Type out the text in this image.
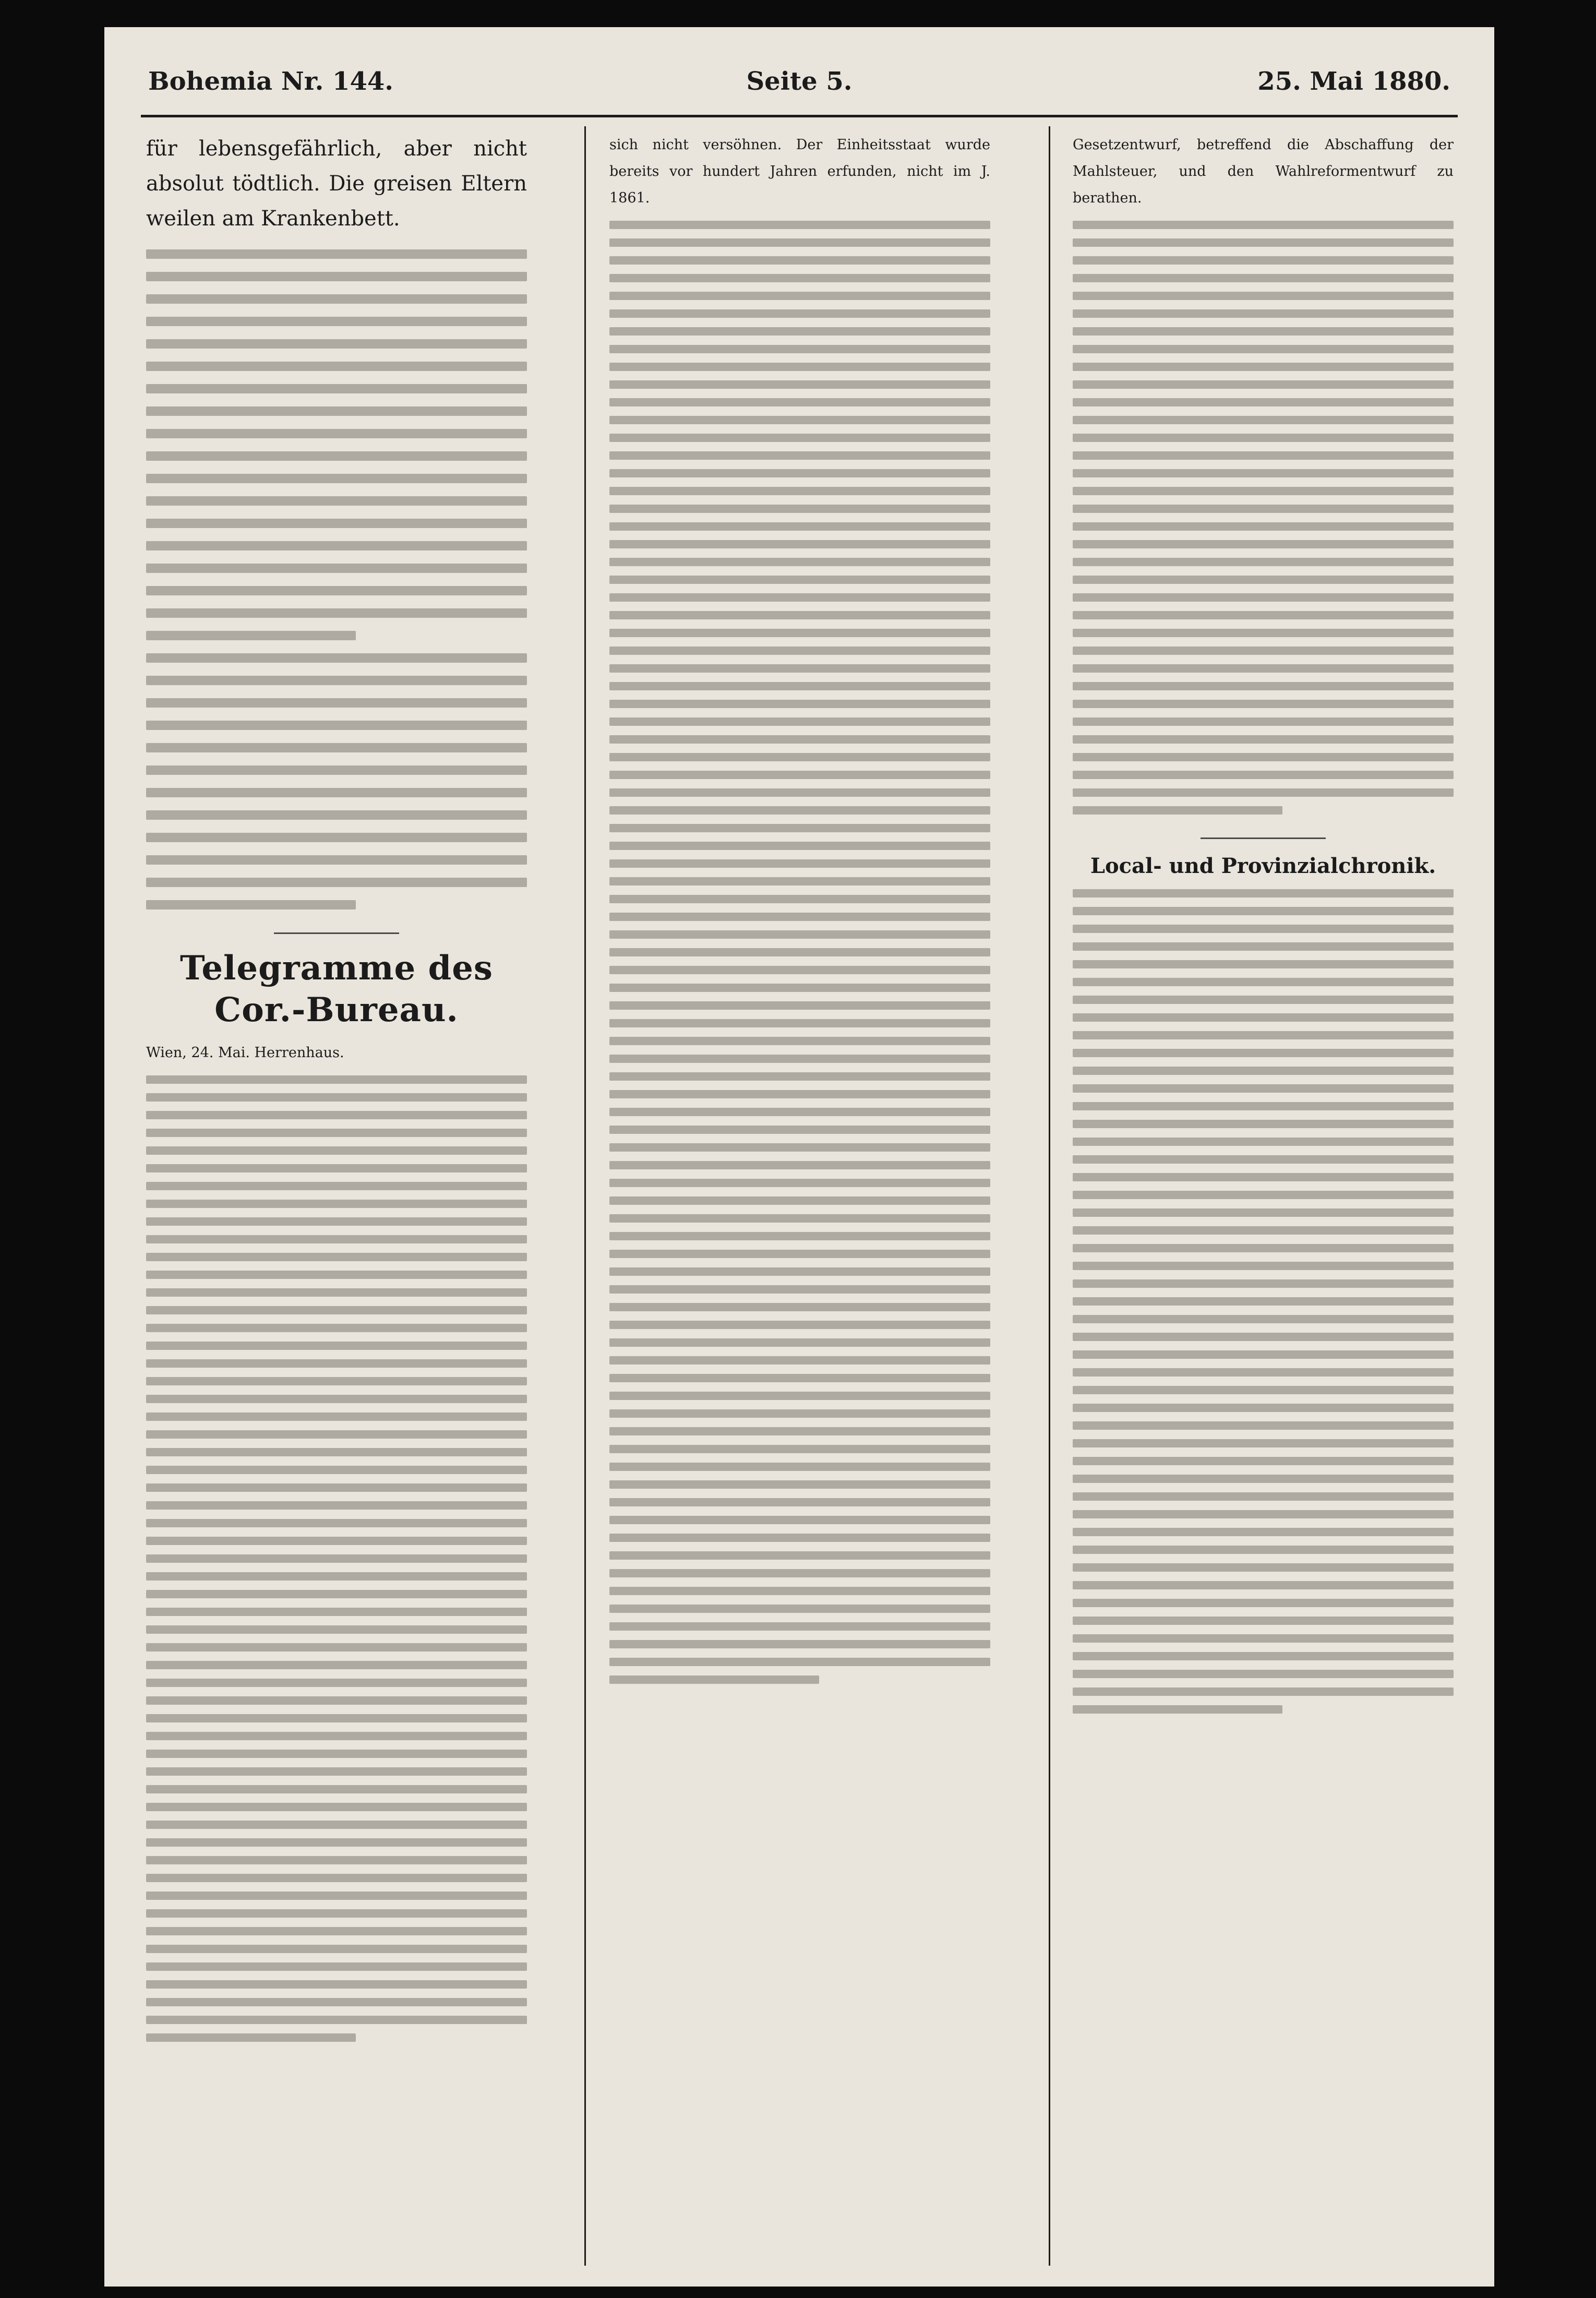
Bohemia Nr. 144.	Seite 5.	25. Mai 1880.

für lebensgefährlich, aber nicht absolut tödtlich. Die greisen Eltern weilen am Krankenbett.

Telegramme des Cor.-Bureau.

Wien, 24. Mai. Herrenhaus.

sich nicht versöhnen. Der Einheitsstaat wurde bereits vor hundert Jahren erfunden, nicht im J. 1861.

Gesetzentwurf, betreffend die Abschaffung der Mahlsteuer, und den Wahlreformentwurf zu berathen.

Local- und Provinzialchronik.
